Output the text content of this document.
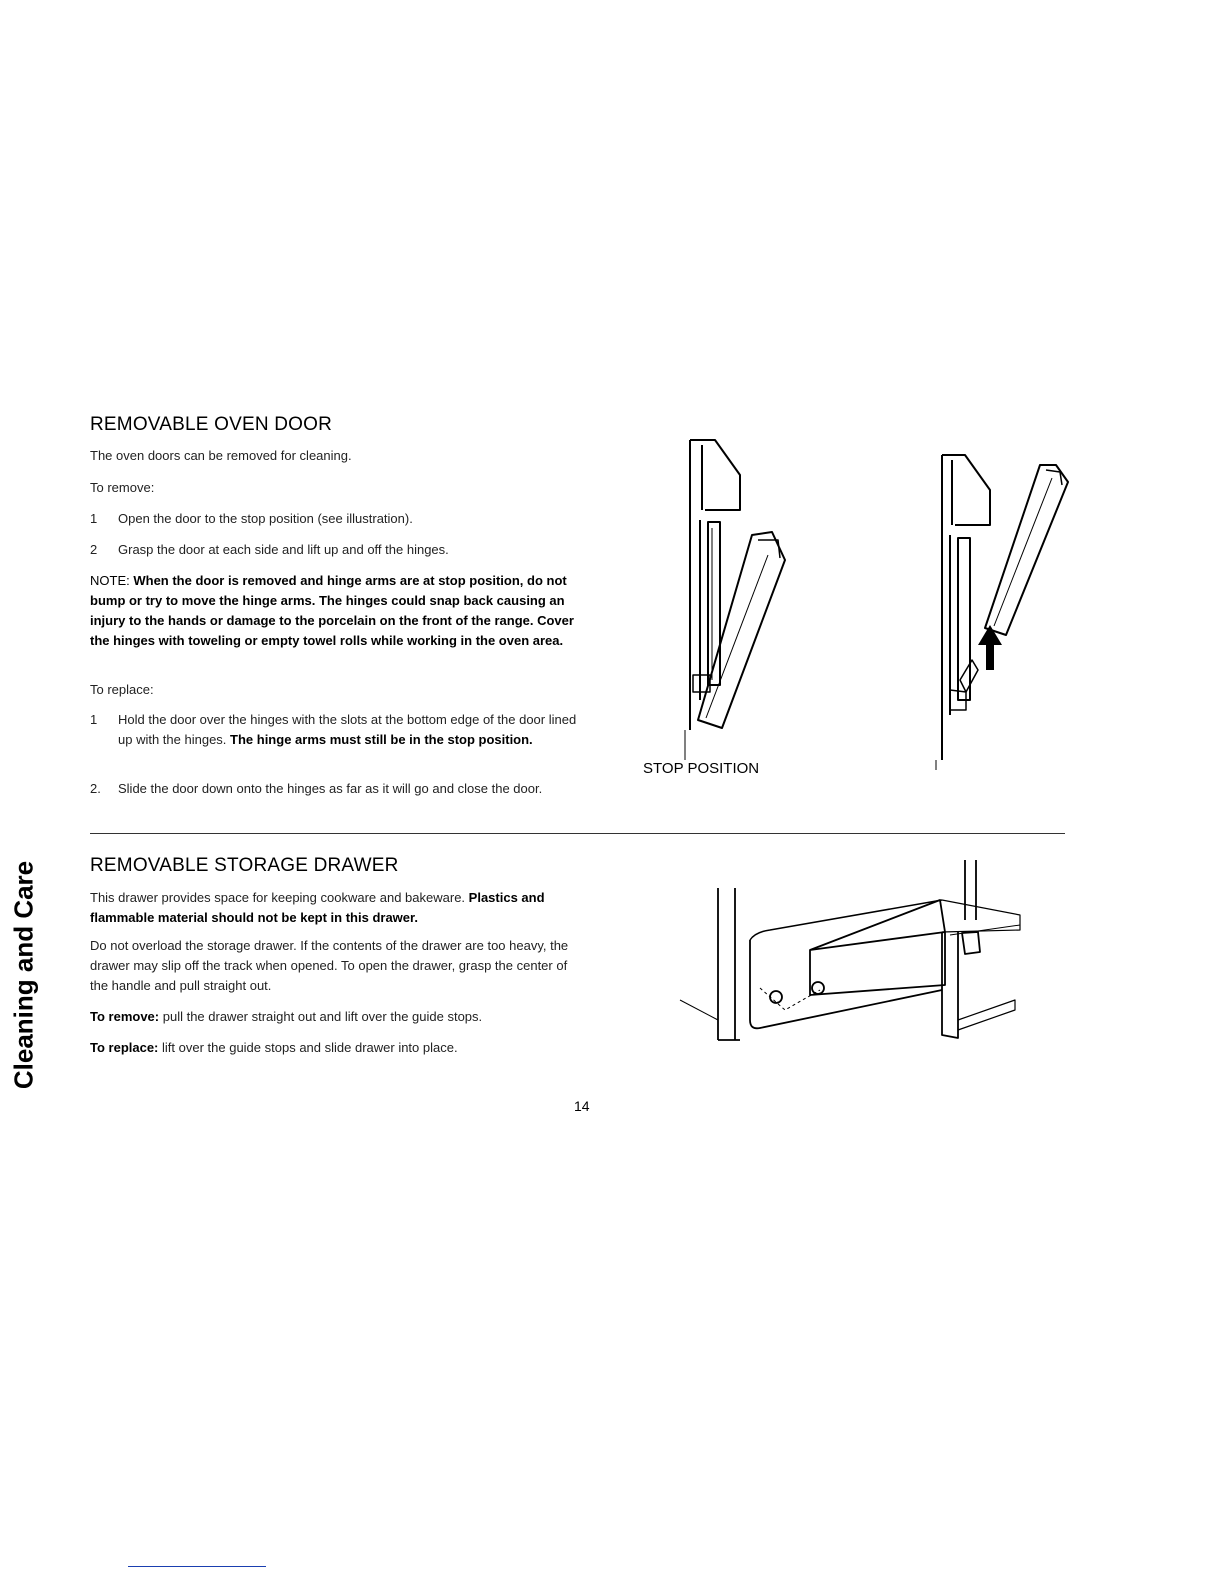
Cleaning and Care
REMOVABLE OVEN DOOR

The oven doors can be removed for cleaning.

To remove:

1 Open the door to the stop position (see illustration).
2 Grasp the door at each side and lift up and off the hinges.

NOTE: When the door is removed and hinge arms are at stop position, do not bump or try to move the hinge arms. The hinges could snap back causing an injury to the hands or damage to the porcelain on the front of the range. Cover the hinges with toweling or empty towel rolls while working in the oven area.

To replace:

1 Hold the door over the hinges with the slots at the bottom edge of the door lined up with the hinges. The hinge arms must still be in the stop position.
2. Slide the door down onto the hinges as far as it will go and close the door.
STOP POSITION
REMOVABLE STORAGE DRAWER

This drawer provides space for keeping cookware and bakeware. Plastics and flammable material should not be kept in this drawer.

Do not overload the storage drawer. If the contents of the drawer are too heavy, the drawer may slip off the track when opened. To open the drawer, grasp the center of the handle and pull straight out.

To remove: pull the drawer straight out and lift over the guide stops.

To replace: lift over the guide stops and slide drawer into place.

14
